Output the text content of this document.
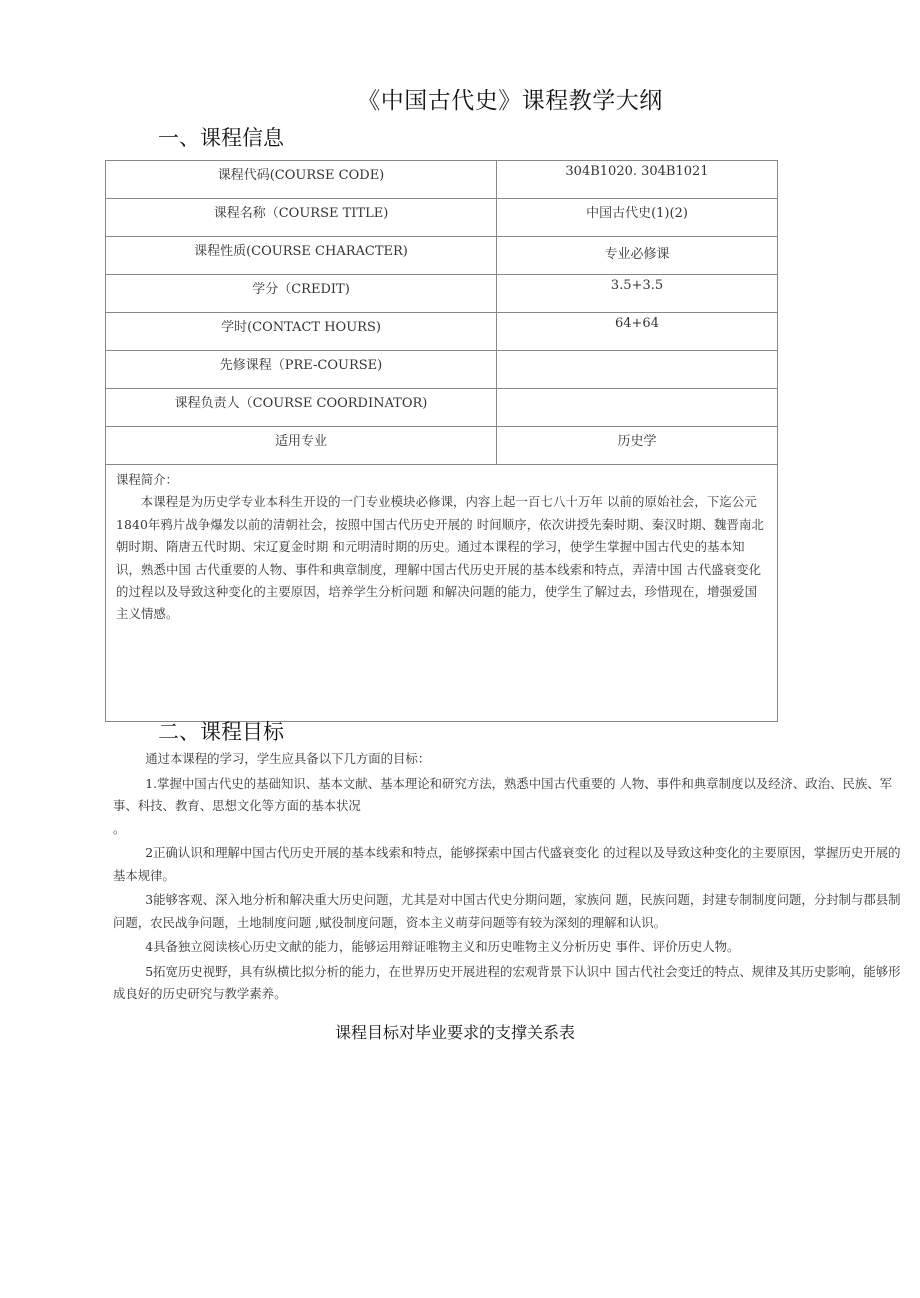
《中国古代史》课程教学大纲
一、课程信息
课程代码(COURSE CODE)	304B1020. 304B1021

课程名称（COURSE TITLE)	中国古代史(1)(2)

课程性质(COURSE CHARACTER)	专业必修课

学分（CREDIT)	3.5+3.5

学时(CONTACT HOURS)	64+64

先修课程（PRE-COURSE)	

课程负责人（COURSE COORDINATOR)	

适用专业	历史学

课程简介：
本课程是为历史学专业本科生开设的一门专业模块必修课，内容上起一百七八十万年 以前的原始社会，下迄公元1840年鸦片战争爆发以前的清朝社会，按照中国古代历史开展的 时间顺序，依次讲授先秦时期、秦汉时期、魏晋南北朝时期、隋唐五代时期、宋辽夏金时期 和元明清时期的历史。通过本课程的学习，使学生掌握中国古代史的基本知识，熟悉中国 古代重要的人物、事件和典章制度，理解中国古代历史开展的基本线索和特点，弄清中国 古代盛衰变化的过程以及导致这种变化的主要原因，培养学生分析问题 和解决问题的能力，使学生了解过去，珍惜现在，增强爱国主义情感。	
二、课程目标

通过本课程的学习，学生应具备以下几方面的目标：

1.掌握中国古代史的基础知识、基本文献、基本理论和研究方法，熟悉中国古代重要的 人物、事件和典章制度以及经济、政治、民族、军事、科技、教育、思想文化等方面的基本状况

。

2正确认识和理解中国古代历史开展的基本线索和特点，能够探索中国古代盛衰变化 的过程以及导致这种变化的主要原因，掌握历史开展的基本规律。

3能够客观、深入地分析和解决重大历史问题，尤其是对中国古代史分期问题，家族问 题，民族问题，封建专制制度问题，分封制与郡县制问题，农民战争问题，土地制度问题 ,赋役制度问题，资本主义萌芽问题等有较为深刻的理解和认识。

4具备独立阅读核心历史文献的能力，能够运用辩证唯物主义和历史唯物主义分析历史 事件、评价历史人物。

5拓宽历史视野，具有纵横比拟分析的能力，在世界历史开展进程的宏观背景下认识中 国古代社会变迁的特点、规律及其历史影响，能够形成良好的历史研究与教学素养。

课程目标对毕业要求的支撑关系表
